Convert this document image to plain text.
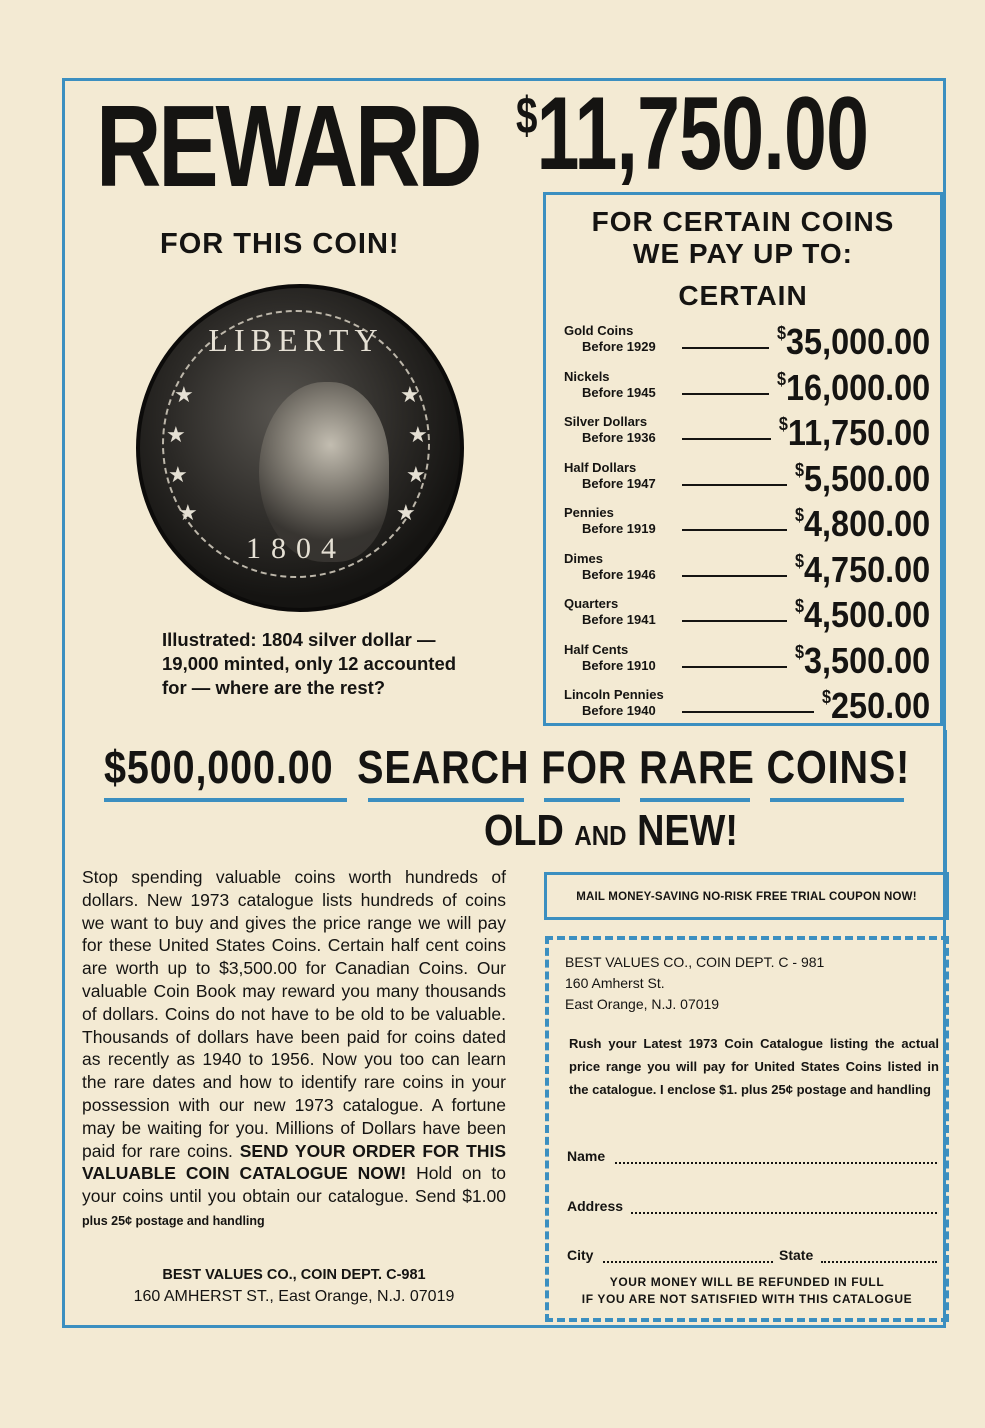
REWARD $11,750.00
FOR THIS COIN!
LIBERTY
1804
★
★
★
★
★
★
★
★
Illustrated: 1804 silver dollar — 19,000 minted, only 12 accounted for — where are the rest?
FOR CERTAIN COINS
WE PAY UP TO:
CERTAIN
Gold Coins
Before 1929
$35,000.00
Nickels
Before 1945
$16,000.00
Silver Dollars
Before 1936
$11,750.00
Half Dollars
Before 1947
$5,500.00
Pennies
Before 1919
$4,800.00
Dimes
Before 1946
$4,750.00
Quarters
Before 1941
$4,500.00
Half Cents
Before 1910
$3,500.00
Lincoln Pennies
Before 1940
$250.00
$500,000.00 SEARCH FOR RARE COINS!
OLD AND NEW!
Stop spending valuable coins worth hundreds of dollars. New 1973 catalogue lists hundreds of coins we want to buy and gives the price range we will pay for these United States Coins. Certain half cent coins are worth up to $3,500.00 for Canadian Coins. Our valuable Coin Book may reward you many thousands of dollars. Coins do not have to be old to be valuable. Thousands of dollars have been paid for coins dated as recently as 1940 to 1956. Now you too can learn the rare dates and how to identify rare coins in your possession with our new 1973 catalogue. A fortune may be waiting for you. Millions of Dollars have been paid for rare coins. SEND YOUR ORDER FOR THIS VALUABLE COIN CATALOGUE NOW! Hold on to your coins until you obtain our catalogue. Send $1.00 plus 25¢ postage and handling
BEST VALUES CO., COIN DEPT. C-981
160 AMHERST ST., East Orange, N.J. 07019
MAIL MONEY-SAVING NO-RISK FREE TRIAL COUPON NOW!
BEST VALUES CO., COIN DEPT. C - 981
160 Amherst St.
East Orange, N.J. 07019
Rush your Latest 1973 Coin Catalogue listing the actual price range you will pay for United States Coins listed in the catalogue. I enclose $1. plus 25¢ postage and handling
Name
Address
City	State
YOUR MONEY WILL BE REFUNDED IN FULL
IF YOU ARE NOT SATISFIED WITH THIS CATALOGUE
